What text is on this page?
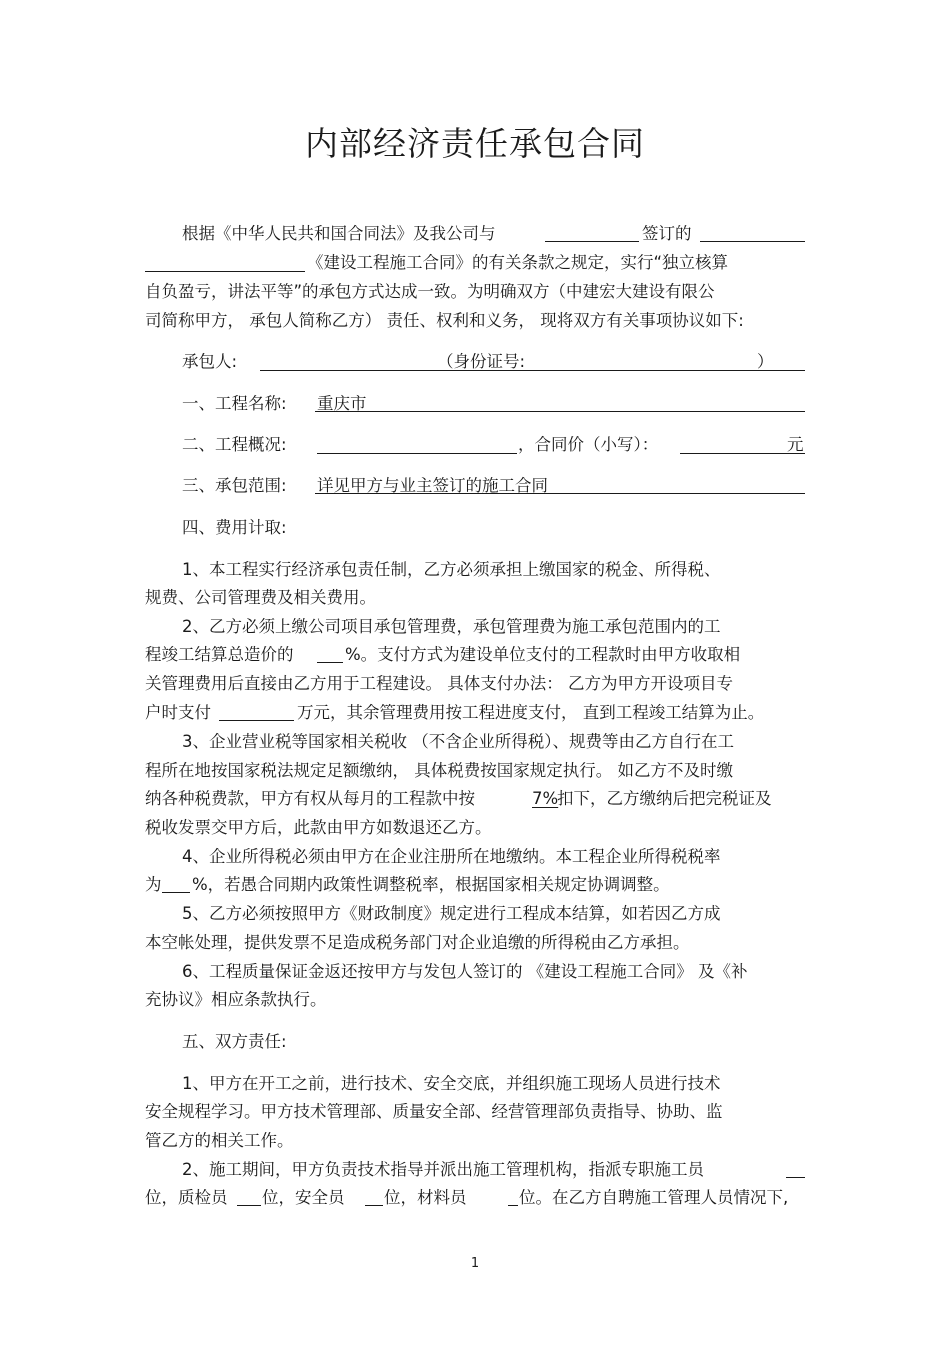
内部经济责任承包合同
根据《中华人民共和国合同法》及我公司与	签订的
《建设工程施工合同》的有关条款之规定，实行“独立核算
自负盈亏，讲法平等”的承包方式达成一致。为明确双方（中建宏大建设有限公
司简称甲方， 承包人简称乙方） 责任、权利和义务， 现将双方有关事项协议如下:
承包人:	（身份证号:	）
一、工程名称: 重庆市
二、工程概况:	，合同价（小写）：	元
三、承包范围: 详见甲方与业主签订的施工合同
四、费用计取:
1、本工程实行经济承包责任制，乙方必须承担上缴国家的税金、所得税、
规费、公司管理费及相关费用。
2、乙方必须上缴公司项目承包管理费，承包管理费为施工承包范围内的工
程竣工结算总造价的	%。支付方式为建设单位支付的工程款时由甲方收取相
关管理费用后直接由乙方用于工程建设。 具体支付办法： 乙方为甲方开设项目专
户时支付	万元，其余管理费用按工程进度支付， 直到工程竣工结算为止。
3、企业营业税等国家相关税收 （不含企业所得税）、规费等由乙方自行在工
程所在地按国家税法规定足额缴纳， 具体税费按国家规定执行。 如乙方不及时缴
纳各种税费款，甲方有权从每月的工程款中按	7%
扣下，乙方缴纳后把完税证及
税收发票交甲方后，此款由甲方如数退还乙方。
4、企业所得税必须由甲方在企业注册所在地缴纳。本工程企业所得税税率
为 %，若愚合同期内政策性调整税率，根据国家相关规定协调调整。
5、乙方必须按照甲方《财政制度》规定进行工程成本结算，如若因乙方成
本空帐处理，提供发票不足造成税务部门对企业追缴的所得税由乙方承担。
6、工程质量保证金返还按甲方与发包人签订的 《建设工程施工合同》 及《补
充协议》相应条款执行。
五、双方责任:
1、甲方在开工之前，进行技术、安全交底，并组织施工现场人员进行技术
安全规程学习。甲方技术管理部、质量安全部、经营管理部负责指导、协助、监
管乙方的相关工作。
2、施工期间，甲方负责技术指导并派出施工管理机构，指派专职施工员
位，质检员 位，安全员 位，材料员	位。在乙方自聘施工管理人员情况下,
1
